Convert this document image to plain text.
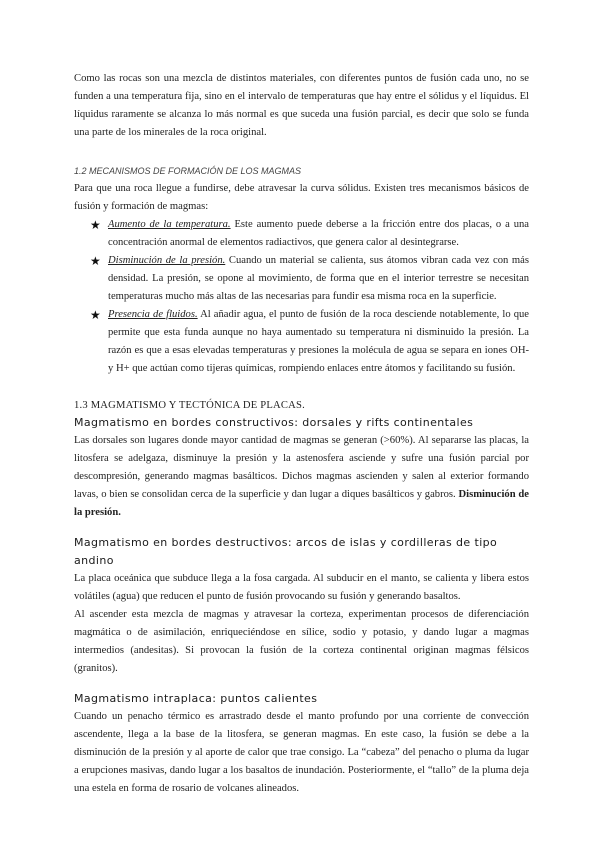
Como las rocas son una mezcla de distintos materiales, con diferentes puntos de fusión cada uno, no se funden a una temperatura fija, sino en el intervalo de temperaturas que hay entre el sólidus y el líquidus. El líquidus raramente se alcanza lo más normal es que suceda una fusión parcial, es decir que solo se funda una parte de los minerales de la roca original.

1.2 MECANISMOS DE FORMACIÓN DE LOS MAGMAS

Para que una roca llegue a fundirse, debe atravesar la curva sólidus. Existen tres mecanismos básicos de fusión y formación de magmas:

★ Aumento de la temperatura. Este aumento puede deberse a la fricción entre dos placas, o a una concentración anormal de elementos radiactivos, que genera calor al desintegrarse.
★ Disminución de la presión. Cuando un material se calienta, sus átomos vibran cada vez con más densidad. La presión, se opone al movimiento, de forma que en el interior terrestre se necesitan temperaturas mucho más altas de las necesarias para fundir esa misma roca en la superficie.
★ Presencia de fluidos. Al añadir agua, el punto de fusión de la roca desciende notablemente, lo que permite que esta funda aunque no haya aumentado su temperatura ni disminuido la presión. La razón es que a esas elevadas temperaturas y presiones la molécula de agua se separa en iones OH- y H+ que actúan como tijeras químicas, rompiendo enlaces entre átomos y facilitando su fusión.
1.3 MAGMATISMO Y TECTÓNICA DE PLACAS.
Magmatismo en bordes constructivos: dorsales y rifts continentales

Las dorsales son lugares donde mayor cantidad de magmas se generan (>60%). Al separarse las placas, la litosfera se adelgaza, disminuye la presión y la astenosfera asciende y sufre una fusión parcial por descompresión, generando magmas basálticos. Dichos magmas ascienden y salen al exterior formando lavas, o bien se consolidan cerca de la superficie y dan lugar a diques basálticos y gabros. Disminución de la presión.

Magmatismo en bordes destructivos: arcos de islas y cordilleras de tipo andino

La placa oceánica que subduce llega a la fosa cargada. Al subducir en el manto, se calienta y libera estos volátiles (agua) que reducen el punto de fusión provocando su fusión y generando basaltos.

Al ascender esta mezcla de magmas y atravesar la corteza, experimentan procesos de diferenciación magmática o de asimilación, enriqueciéndose en sílice, sodio y potasio, y dando lugar a magmas intermedios (andesitas). Si provocan la fusión de la corteza continental originan magmas félsicos (granitos).

Magmatismo intraplaca: puntos calientes

Cuando un penacho térmico es arrastrado desde el manto profundo por una corriente de convección ascendente, llega a la base de la litosfera, se generan magmas. En este caso, la fusión se debe a la disminución de la presión y al aporte de calor que trae consigo. La “cabeza” del penacho o pluma da lugar a erupciones masivas, dando lugar a los basaltos de inundación. Posteriormente, el “tallo” de la pluma deja una estela en forma de rosario de volcanes alineados.
